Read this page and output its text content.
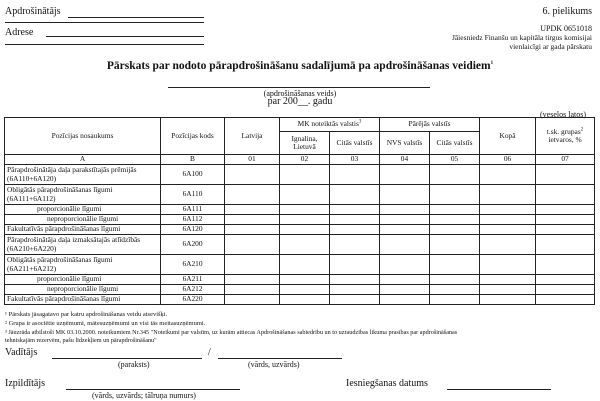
Apdrošinātājs
Adrese
6. pielikums
UPDK 0651018
Jāiesniedz Finanšu un kapitāla tirgus komisijai
vienlaicīgi ar gada pārskatu
Pārskats par nodoto pārapdrošināšanu sadalījumā pa apdrošināšanas veidiem$^1$
(apdrošināšanas veids)
par 200__. gadu
(veselos latos)
Pozīcijas nosaukums	Pozīcijas kods	Latvija	MK noteiktās valstis$^3$		Pārējās valstīs		Kopā	t.sk. grupas$^2$
ietvaros, %
			Ignalina, Lietuvā	Citās valstīs	NVS valstīs	Citās valstīs		
A	B	01	02	03	04	05	06	07
Pārapdrošinātāja daļa parakstītajās prēmijās (6A110+6A120)	6A100							
Obligātās pārapdrošināšanas līgumi (6A111+6A112)	6A110							
proporcionālie līgumi	6A111							
neproporcionālie līgumi	6A112							
Fakultatīvās pārapdrošināšanas līgumi	6A120							
Pārapdrošinātāja daļa izmaksātajās atlīdzībās (6A210+6A220)	6A200							
Obligātās pārapdrošināšanas līgumi (6A211+6A212)	6A210							
proporcionālie līgumi	6A211							
neproporcionālie līgumi	6A212							
Fakultatīvās pārapdrošināšanas līgumi	6A220							
¹ Pārskats jāsagatavo par katru apdrošināšanas veidu atsevišķi.
² Grupa ir asociētie uzņēmumi, mātesuzņēmumi un visi tās meitasuzņēmumi.
³ Jāuzrāda atbilstoši MK 03.10.2000. noteikumiem Nr.345 "Noteikumi par valstīm, uz kurām attiecas Apdrošināšanas sabiedrību un to uzraudzības likuma prasības par apdrošināšanas
tehniskajām rezervēm, pašu līdzekļiem un pārapdrošināšanu"
Vadītājs	/
(paraksts)	(vārds, uzvārds)
Izpildītājs
(vārds, uzvārds; tālruņa numurs)
Iesniegšanas datums
